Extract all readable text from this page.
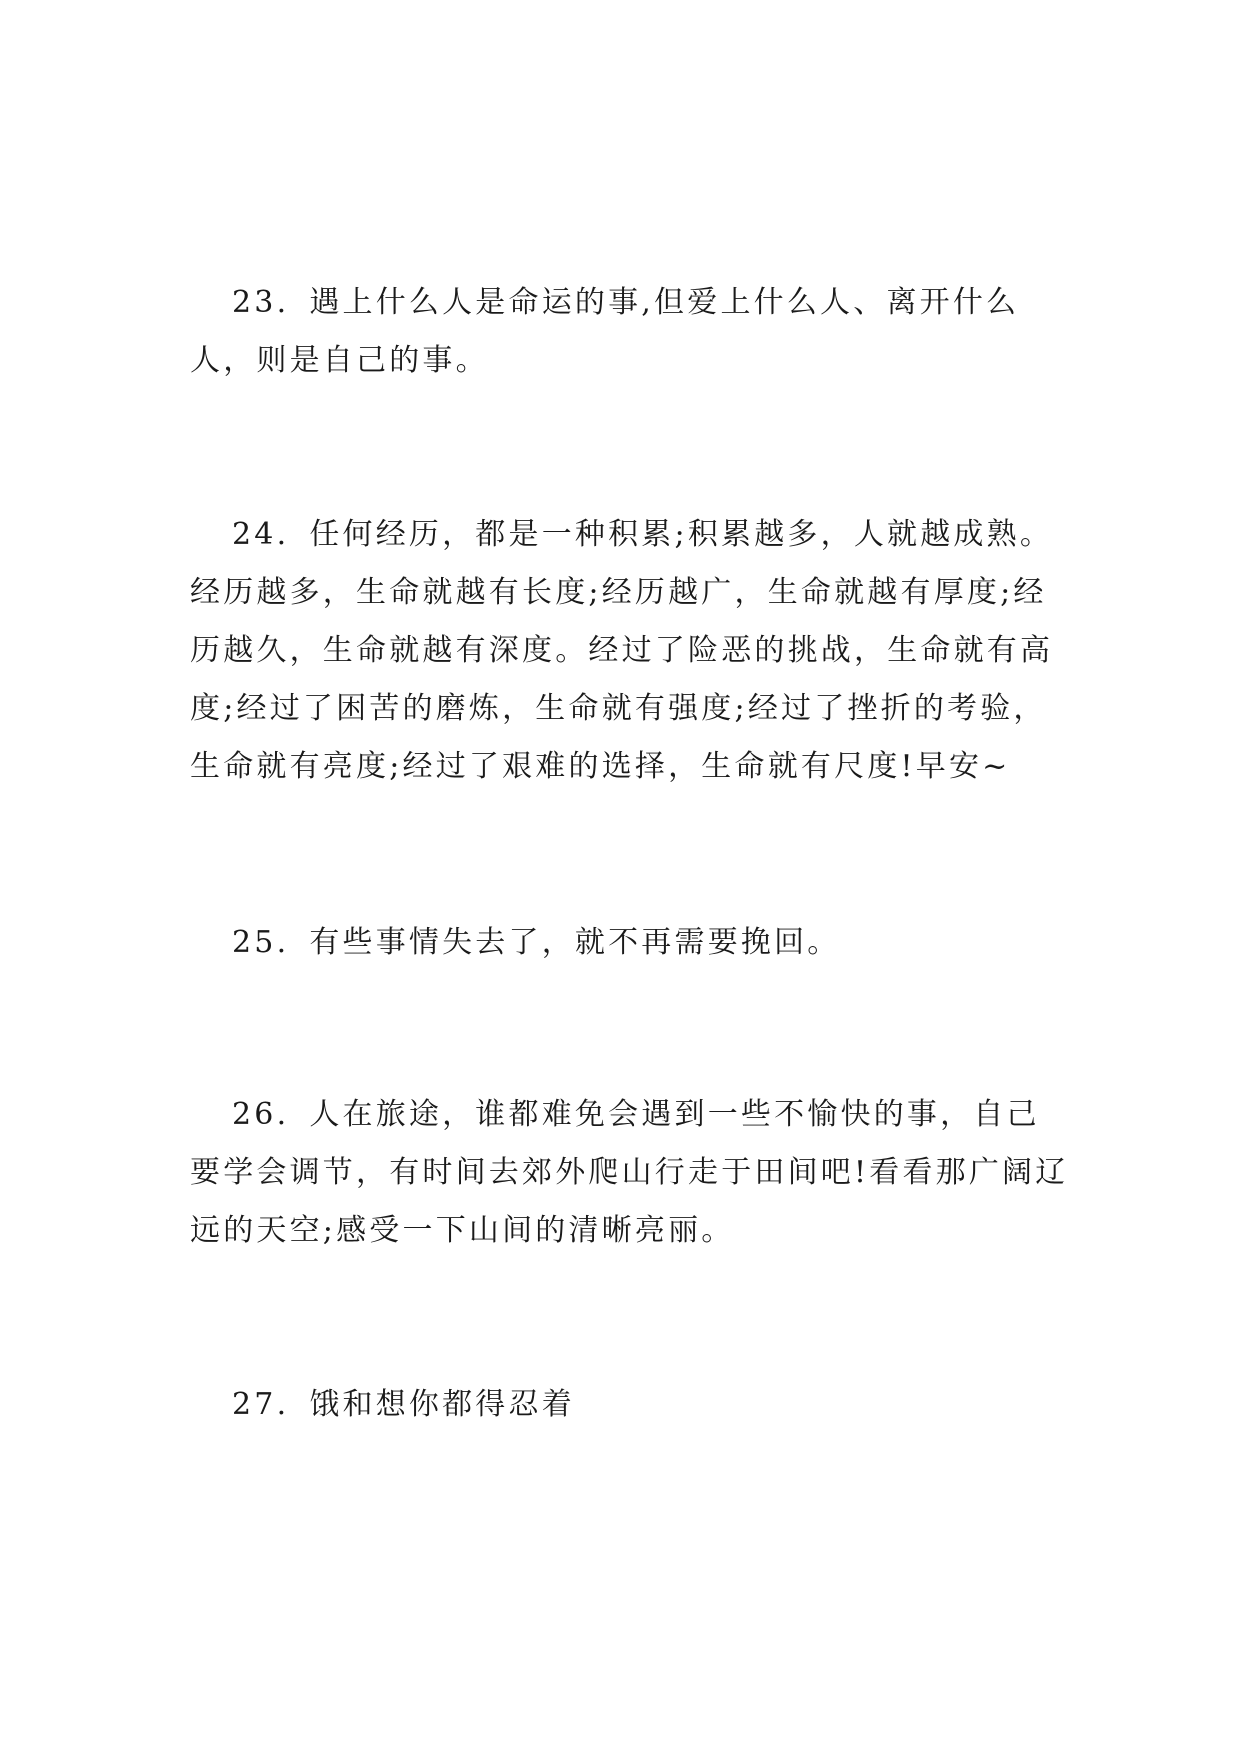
23. 遇上什么人是命运的事,但爱上什么人、离开什么人，则是自己的事。

24. 任何经历，都是一种积累;积累越多，人就越成熟。经历越多，生命就越有长度;经历越广，生命就越有厚度;经历越久，生命就越有深度。经过了险恶的挑战，生命就有高度;经过了困苦的磨炼，生命就有强度;经过了挫折的考验，生命就有亮度;经过了艰难的选择，生命就有尺度!早安~

25. 有些事情失去了，就不再需要挽回。

26. 人在旅途，谁都难免会遇到一些不愉快的事，自己要学会调节，有时间去郊外爬山行走于田间吧!看看那广阔辽远的天空;感受一下山间的清晰亮丽。

27. 饿和想你都得忍着
